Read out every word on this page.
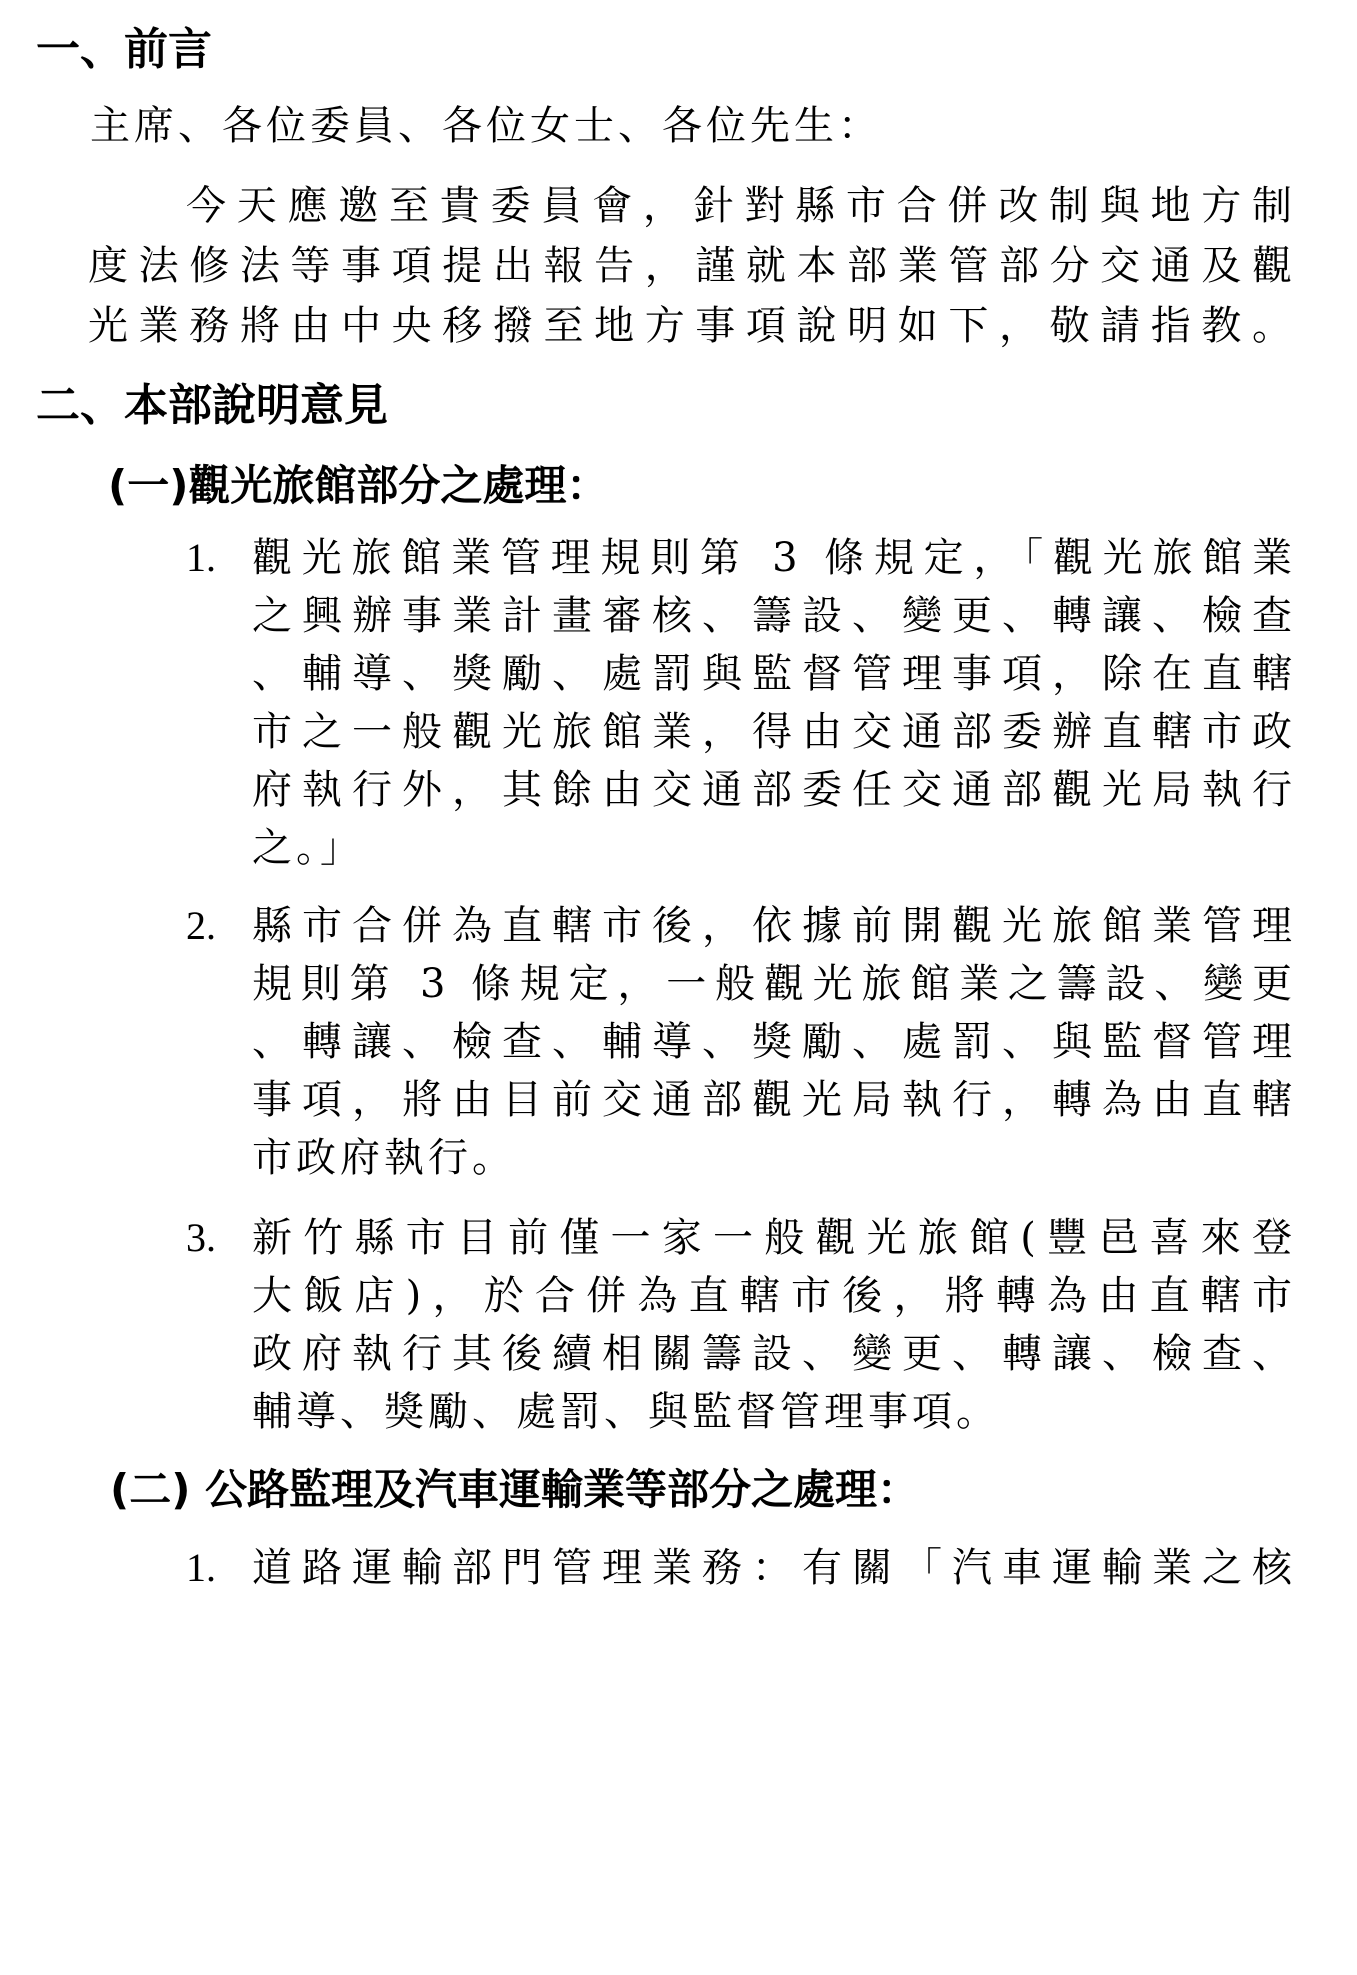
一、前言

主席、各位委員、各位女士、各位先生：

今天應邀至貴委員會，針對縣市合併改制與地方制

度法修法等事項提出報告，謹就本部業管部分交通及觀

光業務將由中央移撥至地方事項說明如下，敬請指教。

二、本部說明意見
(一)觀光旅館部分之處理：
1. 觀光旅館業管理規則第 3 條規定，「觀光旅館業

之興辦事業計畫審核、籌設、變更、轉讓、檢查

、輔導、獎勵、處罰與監督管理事項，除在直轄

市之一般觀光旅館業，得由交通部委辦直轄市政

府執行外，其餘由交通部委任交通部觀光局執行

之。」

2. 縣市合併為直轄市後，依據前開觀光旅館業管理

規則第 3 條規定，一般觀光旅館業之籌設、變更

、轉讓、檢查、輔導、獎勵、處罰、與監督管理

事項，將由目前交通部觀光局執行，轉為由直轄

市政府執行。

3. 新竹縣市目前僅一家一般觀光旅館(豐邑喜來登

大飯店)，於合併為直轄市後，將轉為由直轄市

政府執行其後續相關籌設、變更、轉讓、檢查、

輔導、獎勵、處罰、與監督管理事項。

(二) 公路監理及汽車運輸業等部分之處理：
1. 道路運輸部門管理業務：有關「汽車運輸業之核
